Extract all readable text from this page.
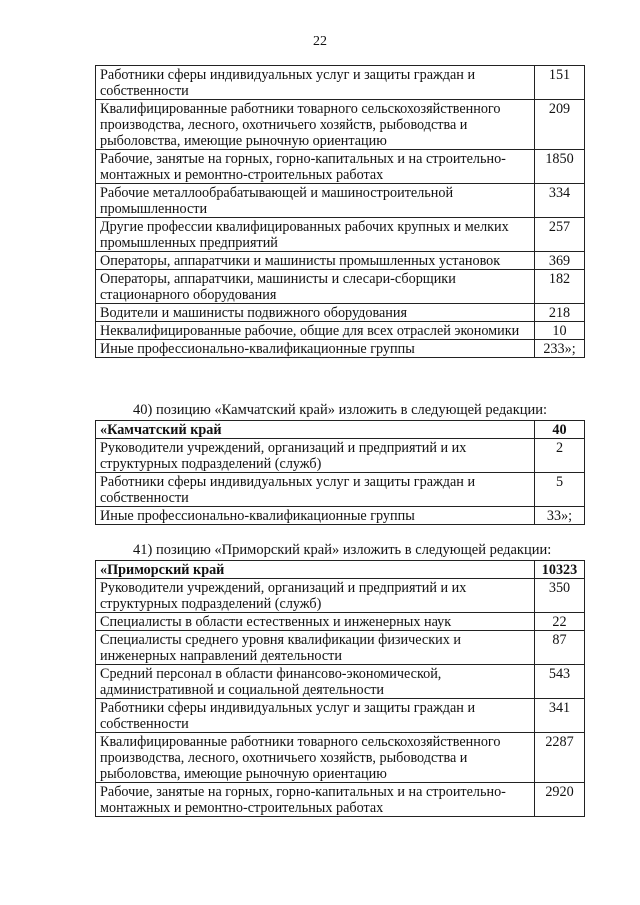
22
Работники сферы индивидуальных услуг и защиты граждан и собственности	151
Квалифицированные работники товарного сельскохозяйственного производства, лесного, охотничьего хозяйств, рыбоводства и рыболовства, имеющие рыночную ориентацию	209
Рабочие, занятые на горных, горно-капитальных и на строительно-монтажных и ремонтно-строительных работах	1850
Рабочие металлообрабатывающей и машиностроительной промышленности	334
Другие профессии квалифицированных рабочих крупных и мелких промышленных предприятий	257
Операторы, аппаратчики и машинисты промышленных установок	369
Операторы, аппаратчики, машинисты и слесари-сборщики стационарного оборудования	182
Водители и машинисты подвижного оборудования	218
Неквалифицированные рабочие, общие для всех отраслей экономики	10
Иные профессионально-квалификационные группы	233»;
40) позицию «Камчатский край» изложить в следующей редакции:
«Камчатский край	40
Руководители учреждений, организаций и предприятий и их структурных подразделений (служб)	2
Работники сферы индивидуальных услуг и защиты граждан и собственности	5
Иные профессионально-квалификационные группы	33»;
41) позицию «Приморский край» изложить в следующей редакции:
«Приморский край	10323
Руководители учреждений, организаций и предприятий и их структурных подразделений (служб)	350
Специалисты в области естественных и инженерных наук	22
Специалисты среднего уровня квалификации физических и инженерных направлений деятельности	87
Средний персонал в области финансово-экономической, административной и социальной деятельности	543
Работники сферы индивидуальных услуг и защиты граждан и собственности	341
Квалифицированные работники товарного сельскохозяйственного производства, лесного, охотничьего хозяйств, рыбоводства и рыболовства, имеющие рыночную ориентацию	2287
Рабочие, занятые на горных, горно-капитальных и на строительно-монтажных и ремонтно-строительных работах	2920
